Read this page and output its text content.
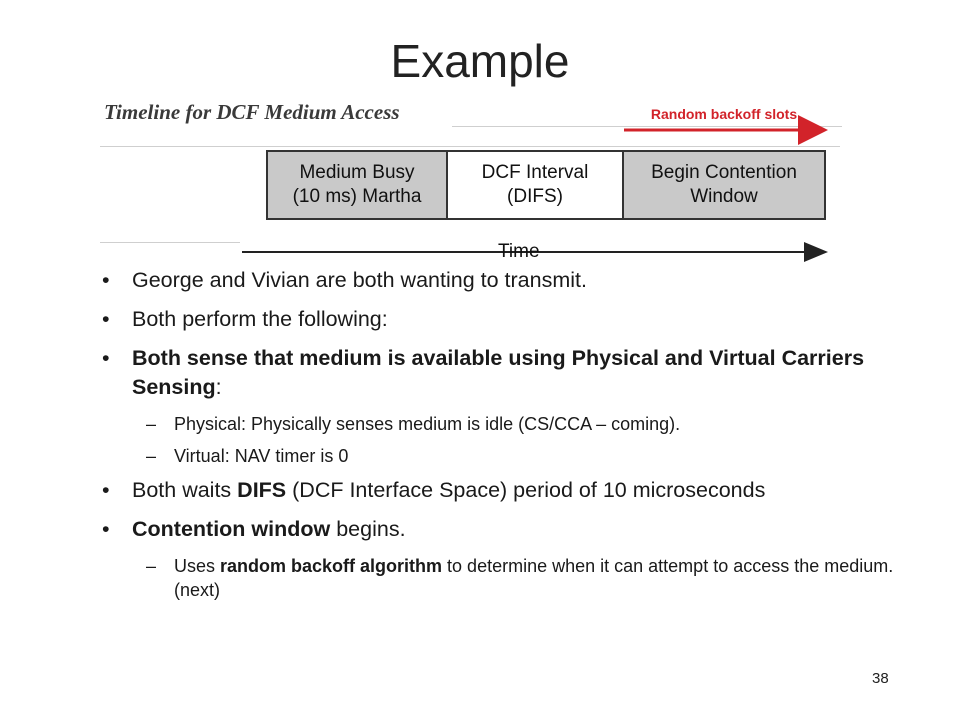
Example
Timeline for DCF Medium Access	Random backoff slots
Medium Busy
(10 ms) Martha
DCF Interval
(DIFS)
Begin Contention
Window
Time
• George and Vivian are both wanting to transmit.
• Both perform the following:
• Both sense that medium is available using Physical and Virtual Carriers Sensing:
– Physical: Physically senses medium is idle (CS/CCA – coming).
– Virtual: NAV timer is 0
• Both waits DIFS (DCF Interface Space) period of 10 microseconds
• Contention window begins.
– Uses random backoff algorithm to determine when it can attempt to access the medium. (next)
38
